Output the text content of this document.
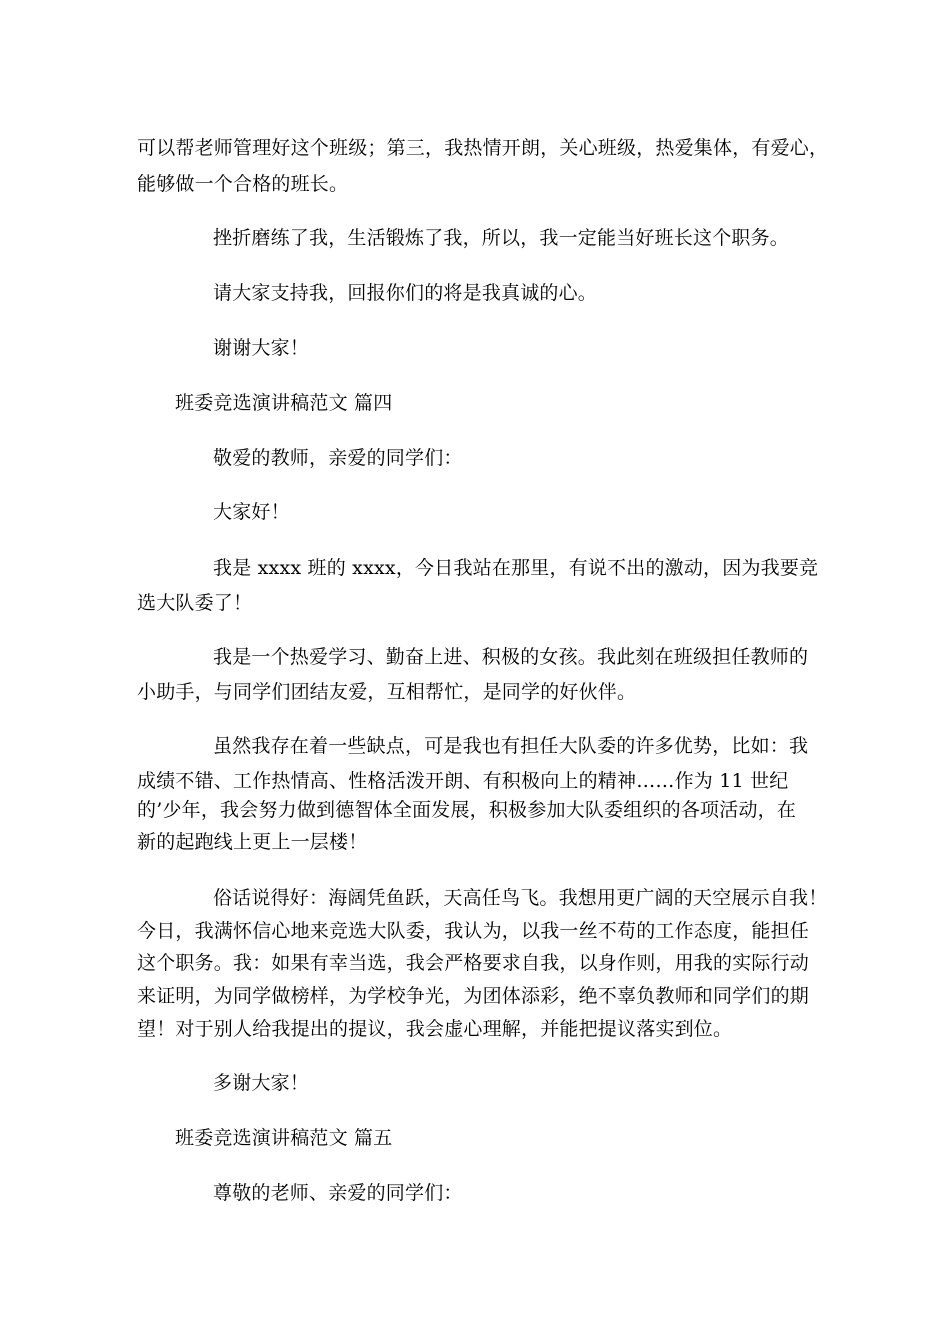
可以帮老师管理好这个班级；第三，我热情开朗，关心班级，热爱集体，有爱心，
能够做一个合格的班长。
挫折磨练了我，生活锻炼了我，所以，我一定能当好班长这个职务。
请大家支持我，回报你们的将是我真诚的心。
谢谢大家！
班委竞选演讲稿范文 篇四
敬爱的教师，亲爱的同学们：
大家好！
我是 xxxx 班的 xxxx，今日我站在那里，有说不出的激动，因为我要竞
选大队委了！
我是一个热爱学习、勤奋上进、积极的女孩。我此刻在班级担任教师的
小助手，与同学们团结友爱，互相帮忙，是同学的好伙伴。
虽然我存在着一些缺点，可是我也有担任大队委的许多优势，比如：我
成绩不错、工作热情高、性格活泼开朗、有积极向上的精神……作为 11 世纪
的’少年，我会努力做到德智体全面发展，积极参加大队委组织的各项活动，在
新的起跑线上更上一层楼！
俗话说得好：海阔凭鱼跃，天高任鸟飞。我想用更广阔的天空展示自我！
今日，我满怀信心地来竞选大队委，我认为，以我一丝不苟的工作态度，能担任
这个职务。我：如果有幸当选，我会严格要求自我，以身作则，用我的实际行动
来证明，为同学做榜样，为学校争光，为团体添彩，绝不辜负教师和同学们的期
望！对于别人给我提出的提议，我会虚心理解，并能把提议落实到位。
多谢大家！
班委竞选演讲稿范文 篇五
尊敬的老师、亲爱的同学们：
